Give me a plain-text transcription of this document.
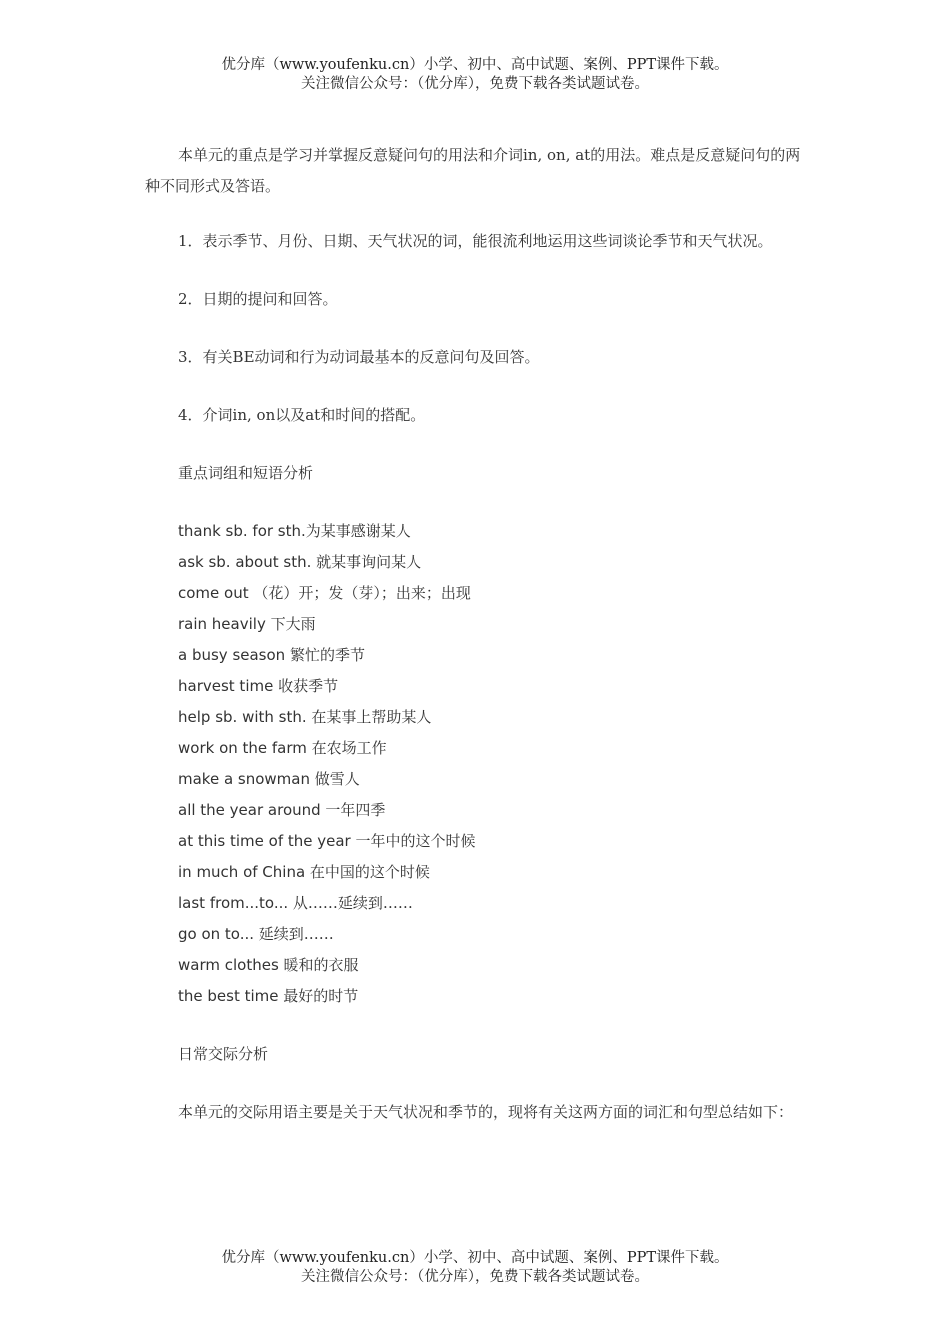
优分库（www.youfenku.cn）小学、初中、高中试题、案例、PPT课件下载。
关注微信公众号：（优分库），免费下载各类试题试卷。

本单元的重点是学习并掌握反意疑问句的用法和介词in, on, at的用法。难点是反意疑问句的两种不同形式及答语。

1．表示季节、月份、日期、天气状况的词，能很流利地运用这些词谈论季节和天气状况。

2．日期的提问和回答。

3．有关BE动词和行为动词最基本的反意问句及回答。

4．介词in, on以及at和时间的搭配。

重点词组和短语分析

thank sb. for sth.为某事感谢某人

ask sb. about sth. 就某事询问某人

come out （花）开；发（芽）；出来；出现

rain heavily 下大雨

a busy season 繁忙的季节

harvest time 收获季节

help sb. with sth. 在某事上帮助某人

work on the farm 在农场工作

make a snowman 做雪人

all the year around 一年四季

at this time of the year 一年中的这个时候

in much of China 在中国的这个时候

last from...to... 从……延续到……

go on to... 延续到……

warm clothes 暖和的衣服

the best time 最好的时节

日常交际分析

本单元的交际用语主要是关于天气状况和季节的，现将有关这两方面的词汇和句型总结如下：

优分库（www.youfenku.cn）小学、初中、高中试题、案例、PPT课件下载。
关注微信公众号：（优分库），免费下载各类试题试卷。
